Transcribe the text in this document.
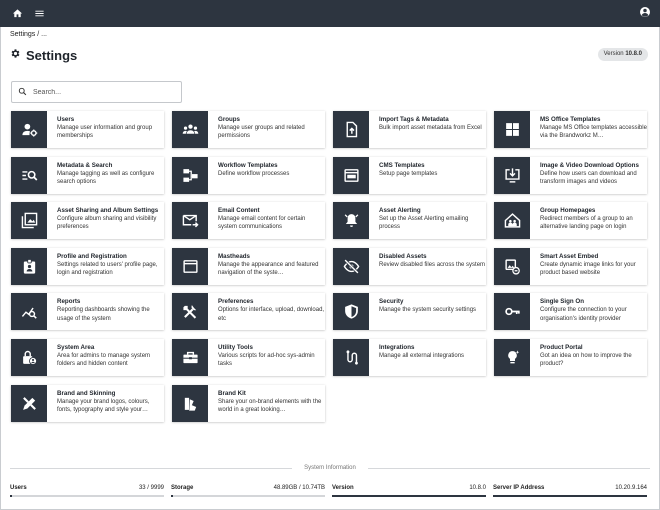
Settings / ...
Settings	Version 10.8.0
Search...
Users
Manage user information and group memberships
Groups
Manage user groups and related permissions
Import Tags & Metadata
Bulk import asset metadata from Excel
MS Office Templates
Manage MS Office templates accessible via the Brandworkz M…
Metadata & Search
Manage tagging as well as configure search options
Workflow Templates
Define workflow processes
CMS Templates
Setup page templates
Image & Video Download Options
Define how users can download and transform images and videos
Asset Sharing and Album Settings
Configure album sharing and visibility preferences
Email Content
Manage email content for certain system communications
Asset Alerting
Set up the Asset Alerting emailing process
Group Homepages
Redirect members of a group to an alternative landing page on login
Profile and Registration
Settings related to users' profile page, login and registration
Mastheads
Manage the appearance and featured navigation of the syste…
Disabled Assets
Review disabled files across the system
Smart Asset Embed
Create dynamic image links for your product based website
Reports
Reporting dashboards showing the usage of the system
Preferences
Options for interface, upload, download, etc
Security
Manage the system security settings
Single Sign On
Configure the connection to your organisation's identity provider
System Area
Area for admins to manage system folders and hidden content
Utility Tools
Various scripts for ad-hoc sys-admin tasks
Integrations
Manage all external integrations
Product Portal
Got an idea on how to improve the product?
Brand and Skinning
Manage your brand logos, colours, fonts, typography and style your…
Brand Kit
Share your on-brand elements with the world in a great looking…
System Information
Users	33 / 9999 Storage	48.89GB / 10.74TB Version	10.8.0 Server IP Address	10.20.9.164
